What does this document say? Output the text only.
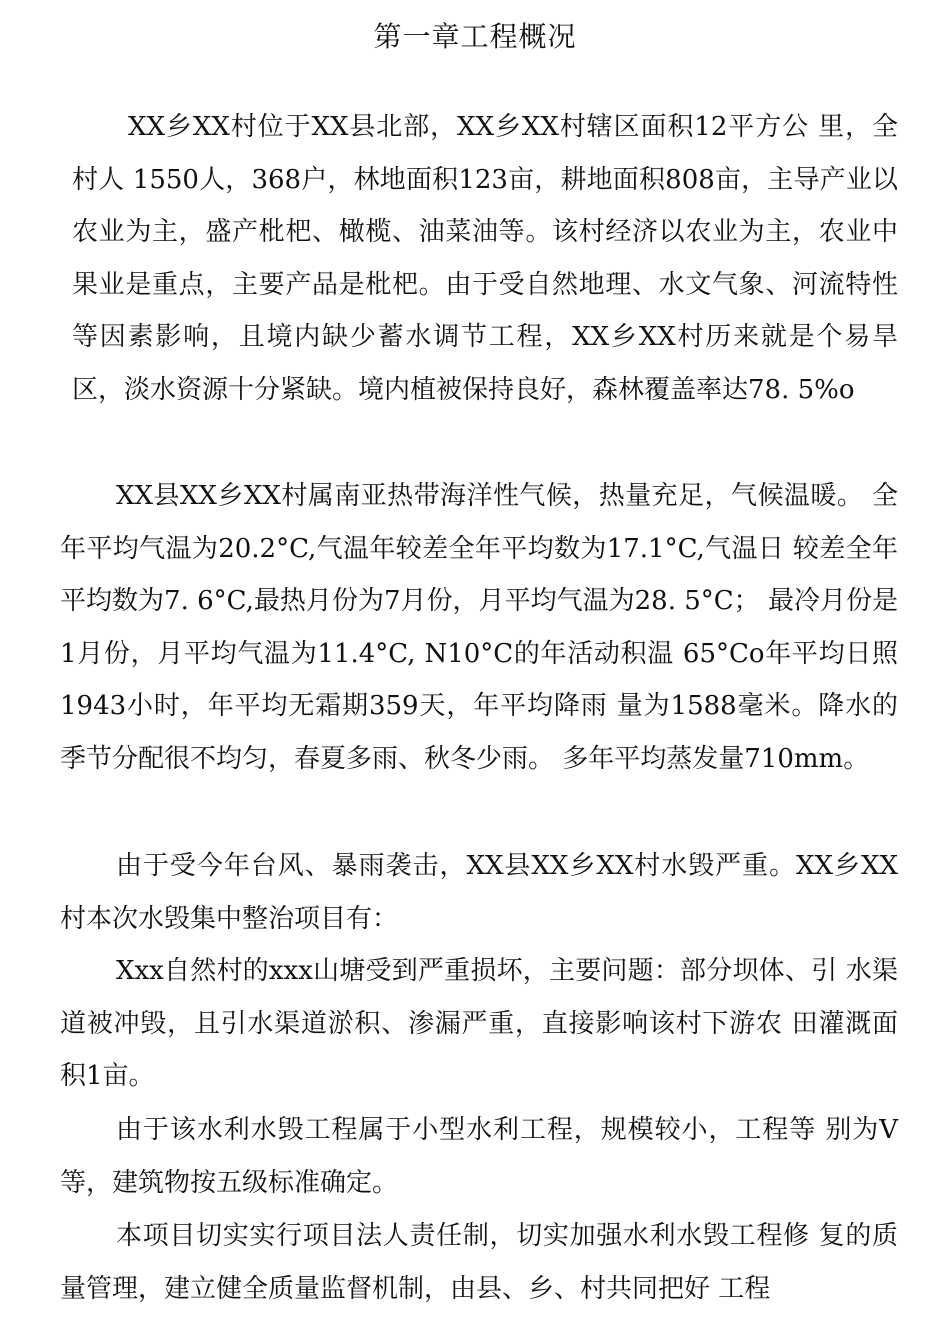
第一章工程概况

XX乡XX村位于XX县北部，XX乡XX村辖区面积12平方公 里，全村人 1550人，368户，林地面积123亩，耕地面积808亩，主导产业以农业为主，盛产枇杷、橄榄、油菜油等。该村经济以农业为主，农业中果业是重点，主要产品是枇杷。由于受自然地理、水文气象、河流特性等因素影响，且境内缺少蓄水调节工程，XX乡XX村历来就是个易旱区，淡水资源十分紧缺。境内植被保持良好，森林覆盖率达78. 5%o

XX县XX乡XX村属南亚热带海洋性气候，热量充足，气候温暖。 全年平均气温为20.2°C,气温年较差全年平均数为17.1°C,气温日 较差全年平均数为7. 6°C,最热月份为7月份，月平均气温为28. 5°C； 最冷月份是1月份，月平均气温为11.4°C, N10°C的年活动积温 65°Co年平均日照1943小时，年平均无霜期359天，年平均降雨 量为1588毫米。降水的季节分配很不均匀，春夏多雨、秋冬少雨。 多年平均蒸发量710mm。

由于受今年台风、暴雨袭击，XX县XX乡XX村水毁严重。XX乡XX村本次水毁集中整治项目有：

Xxx自然村的xxx山塘受到严重损坏，主要问题：部分坝体、引 水渠道被冲毁，且引水渠道淤积、渗漏严重，直接影响该村下游农 田灌溉面积1亩。

由于该水利水毁工程属于小型水利工程，规模较小，工程等 别为V等，建筑物按五级标准确定。

本项目切实实行项目法人责任制，切实加强水利水毁工程修 复的质量管理，建立健全质量监督机制，由县、乡、村共同把好 工程
